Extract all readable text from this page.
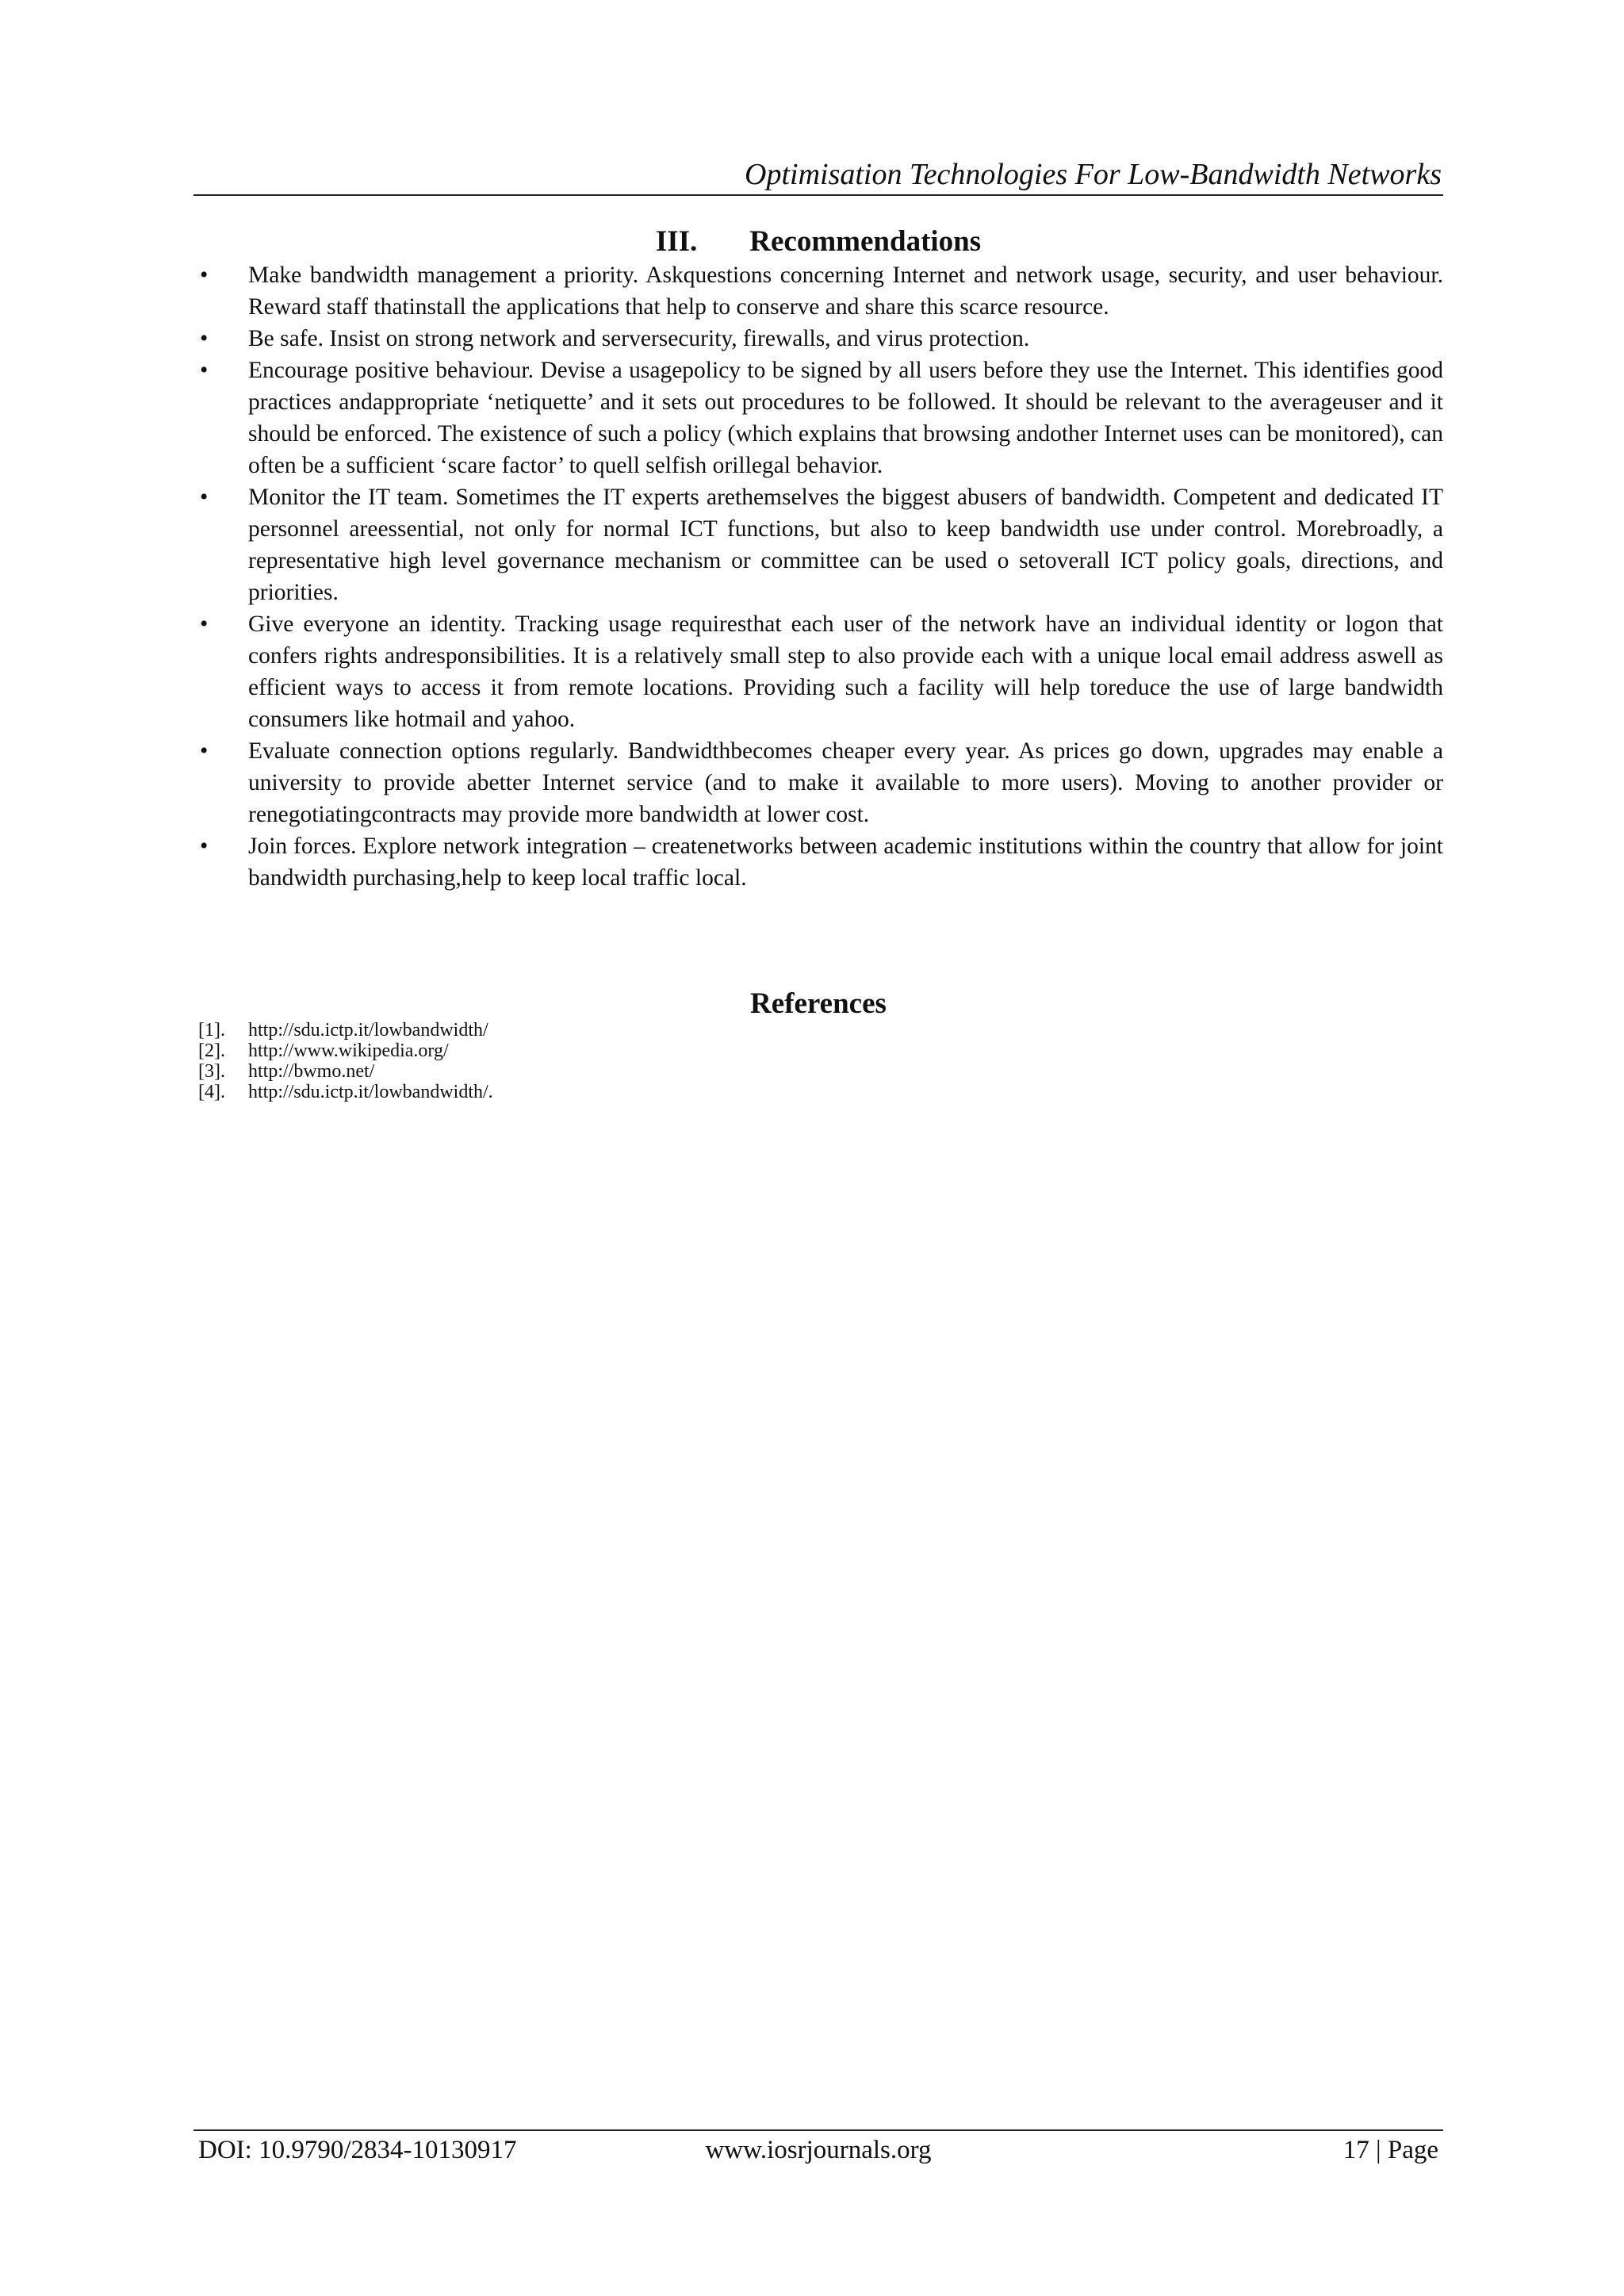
Optimisation Technologies For Low-Bandwidth Networks
III. Recommendations
• Make bandwidth management a priority. Askquestions concerning Internet and network usage, security, and user behaviour. Reward staff thatinstall the applications that help to conserve and share this scarce resource.
• Be safe. Insist on strong network and serversecurity, firewalls, and virus protection.
• Encourage positive behaviour. Devise a usagepolicy to be signed by all users before they use the Internet. This identifies good practices andappropriate ‘netiquette’ and it sets out procedures to be followed. It should be relevant to the averageuser and it should be enforced. The existence of such a policy (which explains that browsing andother Internet uses can be monitored), can often be a sufficient ‘scare factor’ to quell selfish orillegal behavior.
• Monitor the IT team. Sometimes the IT experts arethemselves the biggest abusers of bandwidth. Competent and dedicated IT personnel areessential, not only for normal ICT functions, but also to keep bandwidth use under control. Morebroadly, a representative high level governance mechanism or committee can be used o setoverall ICT policy goals, directions, and priorities.
• Give everyone an identity. Tracking usage requiresthat each user of the network have an individual identity or logon that confers rights andresponsibilities. It is a relatively small step to also provide each with a unique local email address aswell as efficient ways to access it from remote locations. Providing such a facility will help toreduce the use of large bandwidth consumers like hotmail and yahoo.
• Evaluate connection options regularly. Bandwidthbecomes cheaper every year. As prices go down, upgrades may enable a university to provide abetter Internet service (and to make it available to more users). Moving to another provider or renegotiatingcontracts may provide more bandwidth at lower cost.
• Join forces. Explore network integration – createnetworks between academic institutions within the country that allow for joint bandwidth purchasing,help to keep local traffic local.
References
[1]. http://sdu.ictp.it/lowbandwidth/
[2]. http://www.wikipedia.org/
[3]. http://bwmo.net/
[4]. http://sdu.ictp.it/lowbandwidth/.
DOI: 10.9790/2834-10130917	www.iosrjournals.org	17 | Page
